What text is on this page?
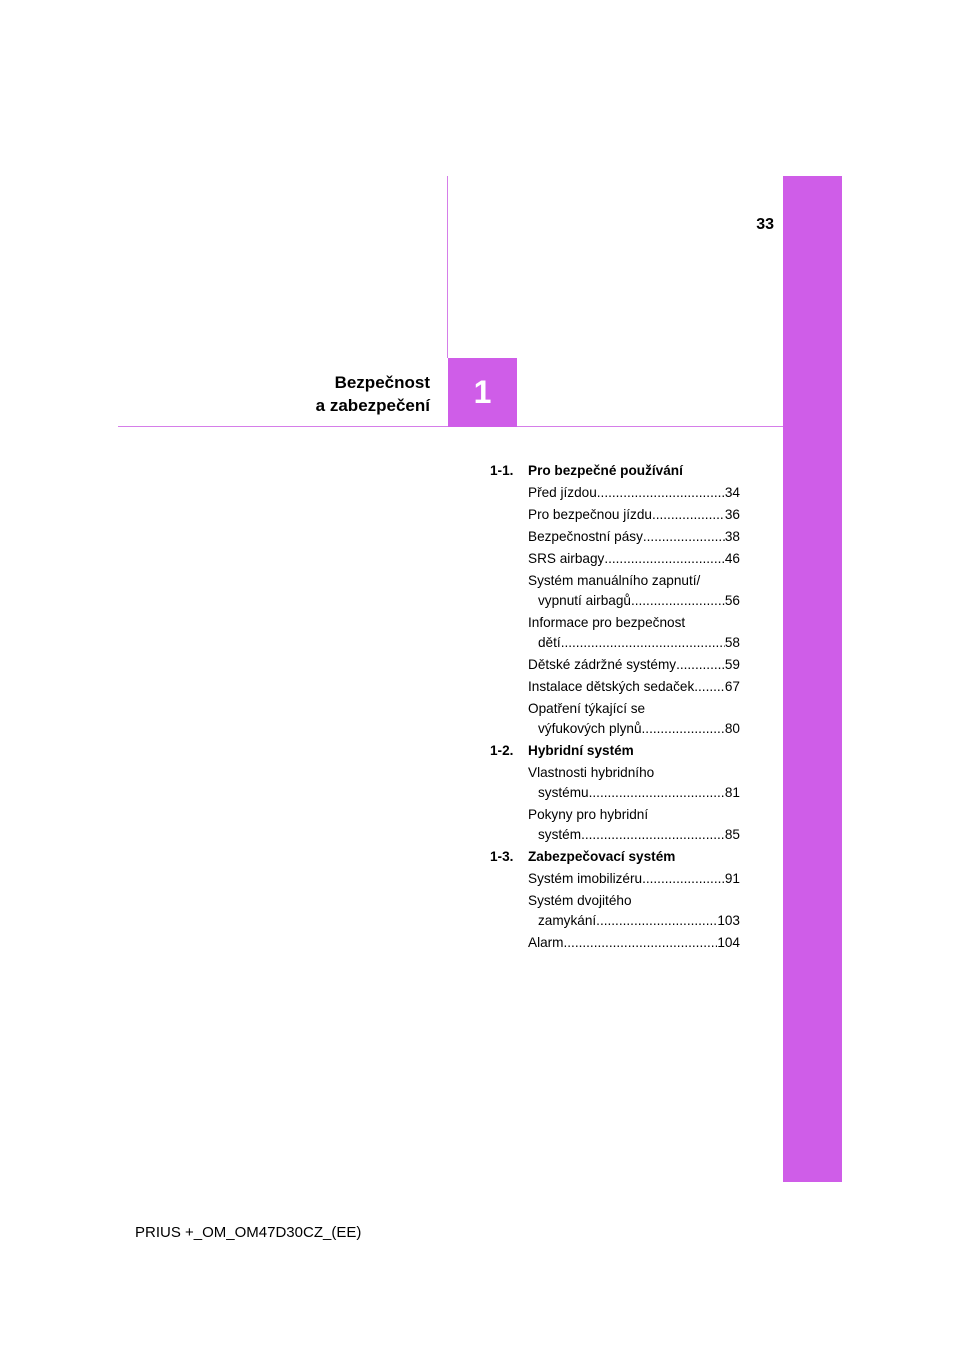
33
1
Bezpečnost
a zabezpečení
1-1.	Pro bezpečné používání
Před jízdou .....	34
Pro bezpečnou jízdu .....	36
Bezpečnostní pásy .....	38
SRS airbagy .....	46
Systém manuálního zapnutí/
vypnutí airbagů .....	56
Informace pro bezpečnost
dětí .....	58
Dětské zádržné systémy .....	59
Instalace dětských sedaček ..... 67
Opatření týkající se
výfukových plynů .....	80
1-2.	Hybridní systém
Vlastnosti hybridního
systému .....	81
Pokyny pro hybridní
systém .....	85
1-3.	Zabezpečovací systém
Systém imobilizéru .....	91
Systém dvojitého
zamykání .....	103
Alarm .....	104
PRIUS +_OM_OM47D30CZ_(EE)
